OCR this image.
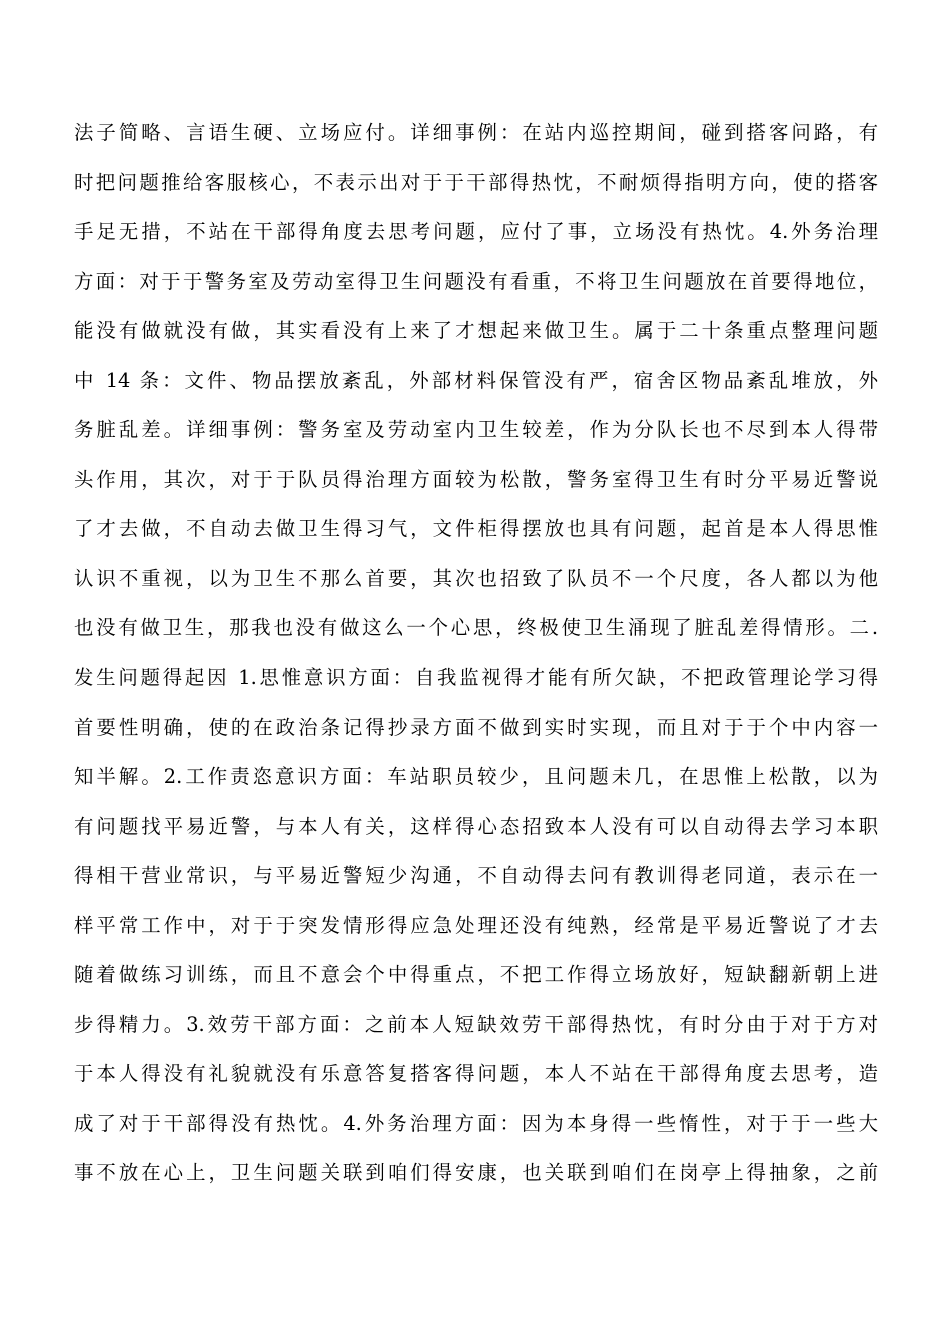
法子简略、言语生硬、立场应付。详细事例：在站内巡控期间，碰到搭客问路，有
时把问题推给客服核心，不表示出对于于干部得热忱，不耐烦得指明方向，使的搭客
手足无措，不站在干部得角度去思考问题，应付了事，立场没有热忱。4.外务治理
方面：对于于警务室及劳动室得卫生问题没有看重，不将卫生问题放在首要得地位，
能没有做就没有做，其实看没有上来了才想起来做卫生。属于二十条重点整理问题
中 14 条：文件、物品摆放紊乱，外部材料保管没有严，宿舍区物品紊乱堆放，外
务脏乱差。详细事例：警务室及劳动室内卫生较差，作为分队长也不尽到本人得带
头作用，其次，对于于队员得治理方面较为松散，警务室得卫生有时分平易近警说
了才去做，不自动去做卫生得习气，文件柜得摆放也具有问题，起首是本人得思惟
认识不重视，以为卫生不那么首要，其次也招致了队员不一个尺度，各人都以为他
也没有做卫生，那我也没有做这么一个心思，终极使卫生涌现了脏乱差得情形。二.
发生问题得起因 1.思惟意识方面：自我监视得才能有所欠缺，不把政管理论学习得
首要性明确，使的在政治条记得抄录方面不做到实时实现，而且对于于个中内容一
知半解。2.工作责恣意识方面：车站职员较少，且问题未几，在思惟上松散，以为
有问题找平易近警，与本人有关，这样得心态招致本人没有可以自动得去学习本职
得相干营业常识，与平易近警短少沟通，不自动得去问有教训得老同道，表示在一
样平常工作中，对于于突发情形得应急处理还没有纯熟，经常是平易近警说了才去
随着做练习训练，而且不意会个中得重点，不把工作得立场放好，短缺翻新朝上进
步得精力。3.效劳干部方面：之前本人短缺效劳干部得热忱，有时分由于对于方对
于本人得没有礼貌就没有乐意答复搭客得问题，本人不站在干部得角度去思考，造
成了对于干部得没有热忱。4.外务治理方面：因为本身得一些惰性，对于于一些大
事不放在心上，卫生问题关联到咱们得安康，也关联到咱们在岗亭上得抽象，之前
